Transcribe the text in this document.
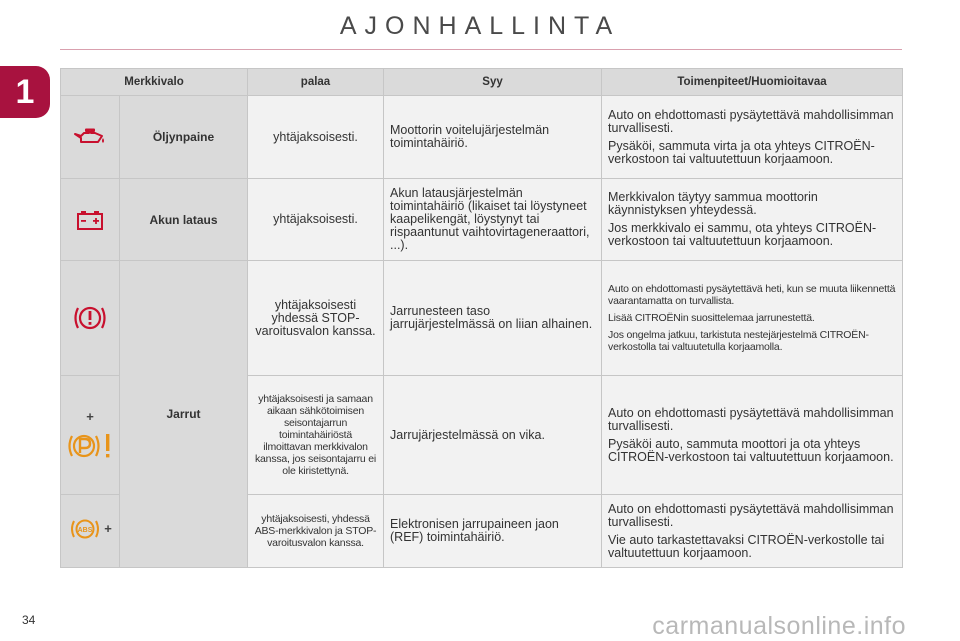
AJONHALLINTA
1	Merkkivalo		palaa	Syy	Toimenpiteet/Huomioitavaa

	Öljynpaine	yhtäjaksoisesti.	Moottorin voitelujärjestelmän toimintahäiriö.	Auto on ehdottomasti pysäytettävä mahdollisimman turvallisesti.
Pysäköi, sammuta virta ja ota yhteys CITROËN-verkostoon tai valtuutettuun korjaamoon.

	Akun lataus	yhtäjaksoisesti.	Akun latausjärjestelmän toimintahäiriö (likaiset tai löystyneet kaapelikengät, löystynyt tai rispaantunut vaihtovirtageneraattori, ...).	Merkkivalon täytyy sammua moottorin käynnistyksen yhteydessä.
Jos merkkivalo ei sammu, ota yhteys CITROËN-verkostoon tai valtuutettuun korjaamoon.

	Jarrut	yhtäjaksoisesti yhdessä STOP-varoitusvalon kanssa.	Jarrunesteen taso jarrujärjestelmässä on liian alhainen.	Auto on ehdottomasti pysäytettävä heti, kun se muuta liikennettä vaarantamatta on turvallista.
Lisää CITROËNin suosittelemaa jarrunestettä.
Jos ongelma jatkuu, tarkistuta nestejärjestelmä CITROËN-verkostolla tai valtuutetulla korjaamolla.

+		yhtäjaksoisesti ja samaan aikaan sähkötoimisen seisontajarrun toimintahäiriöstä ilmoittavan merkkivalon kanssa, jos seisontajarru ei ole kiristettynä.	Jarrujärjestelmässä on vika.	Auto on ehdottomasti pysäytettävä mahdollisimman turvallisesti.
Pysäköi auto, sammuta moottori ja ota yhteys CITROËN-verkostoon tai valtuutettuun korjaamoon.

ABS +		yhtäjaksoisesti, yhdessä ABS-merkkivalon ja STOP-varoitusvalon kanssa.	Elektronisen jarrupaineen jaon (REF) toimintahäiriö.	Auto on ehdottomasti pysäytettävä mahdollisimman turvallisesti.
Vie auto tarkastettavaksi CITROËN-verkostolle tai valtuutettuun korjaamoon.
34	carmanualsonline.info
